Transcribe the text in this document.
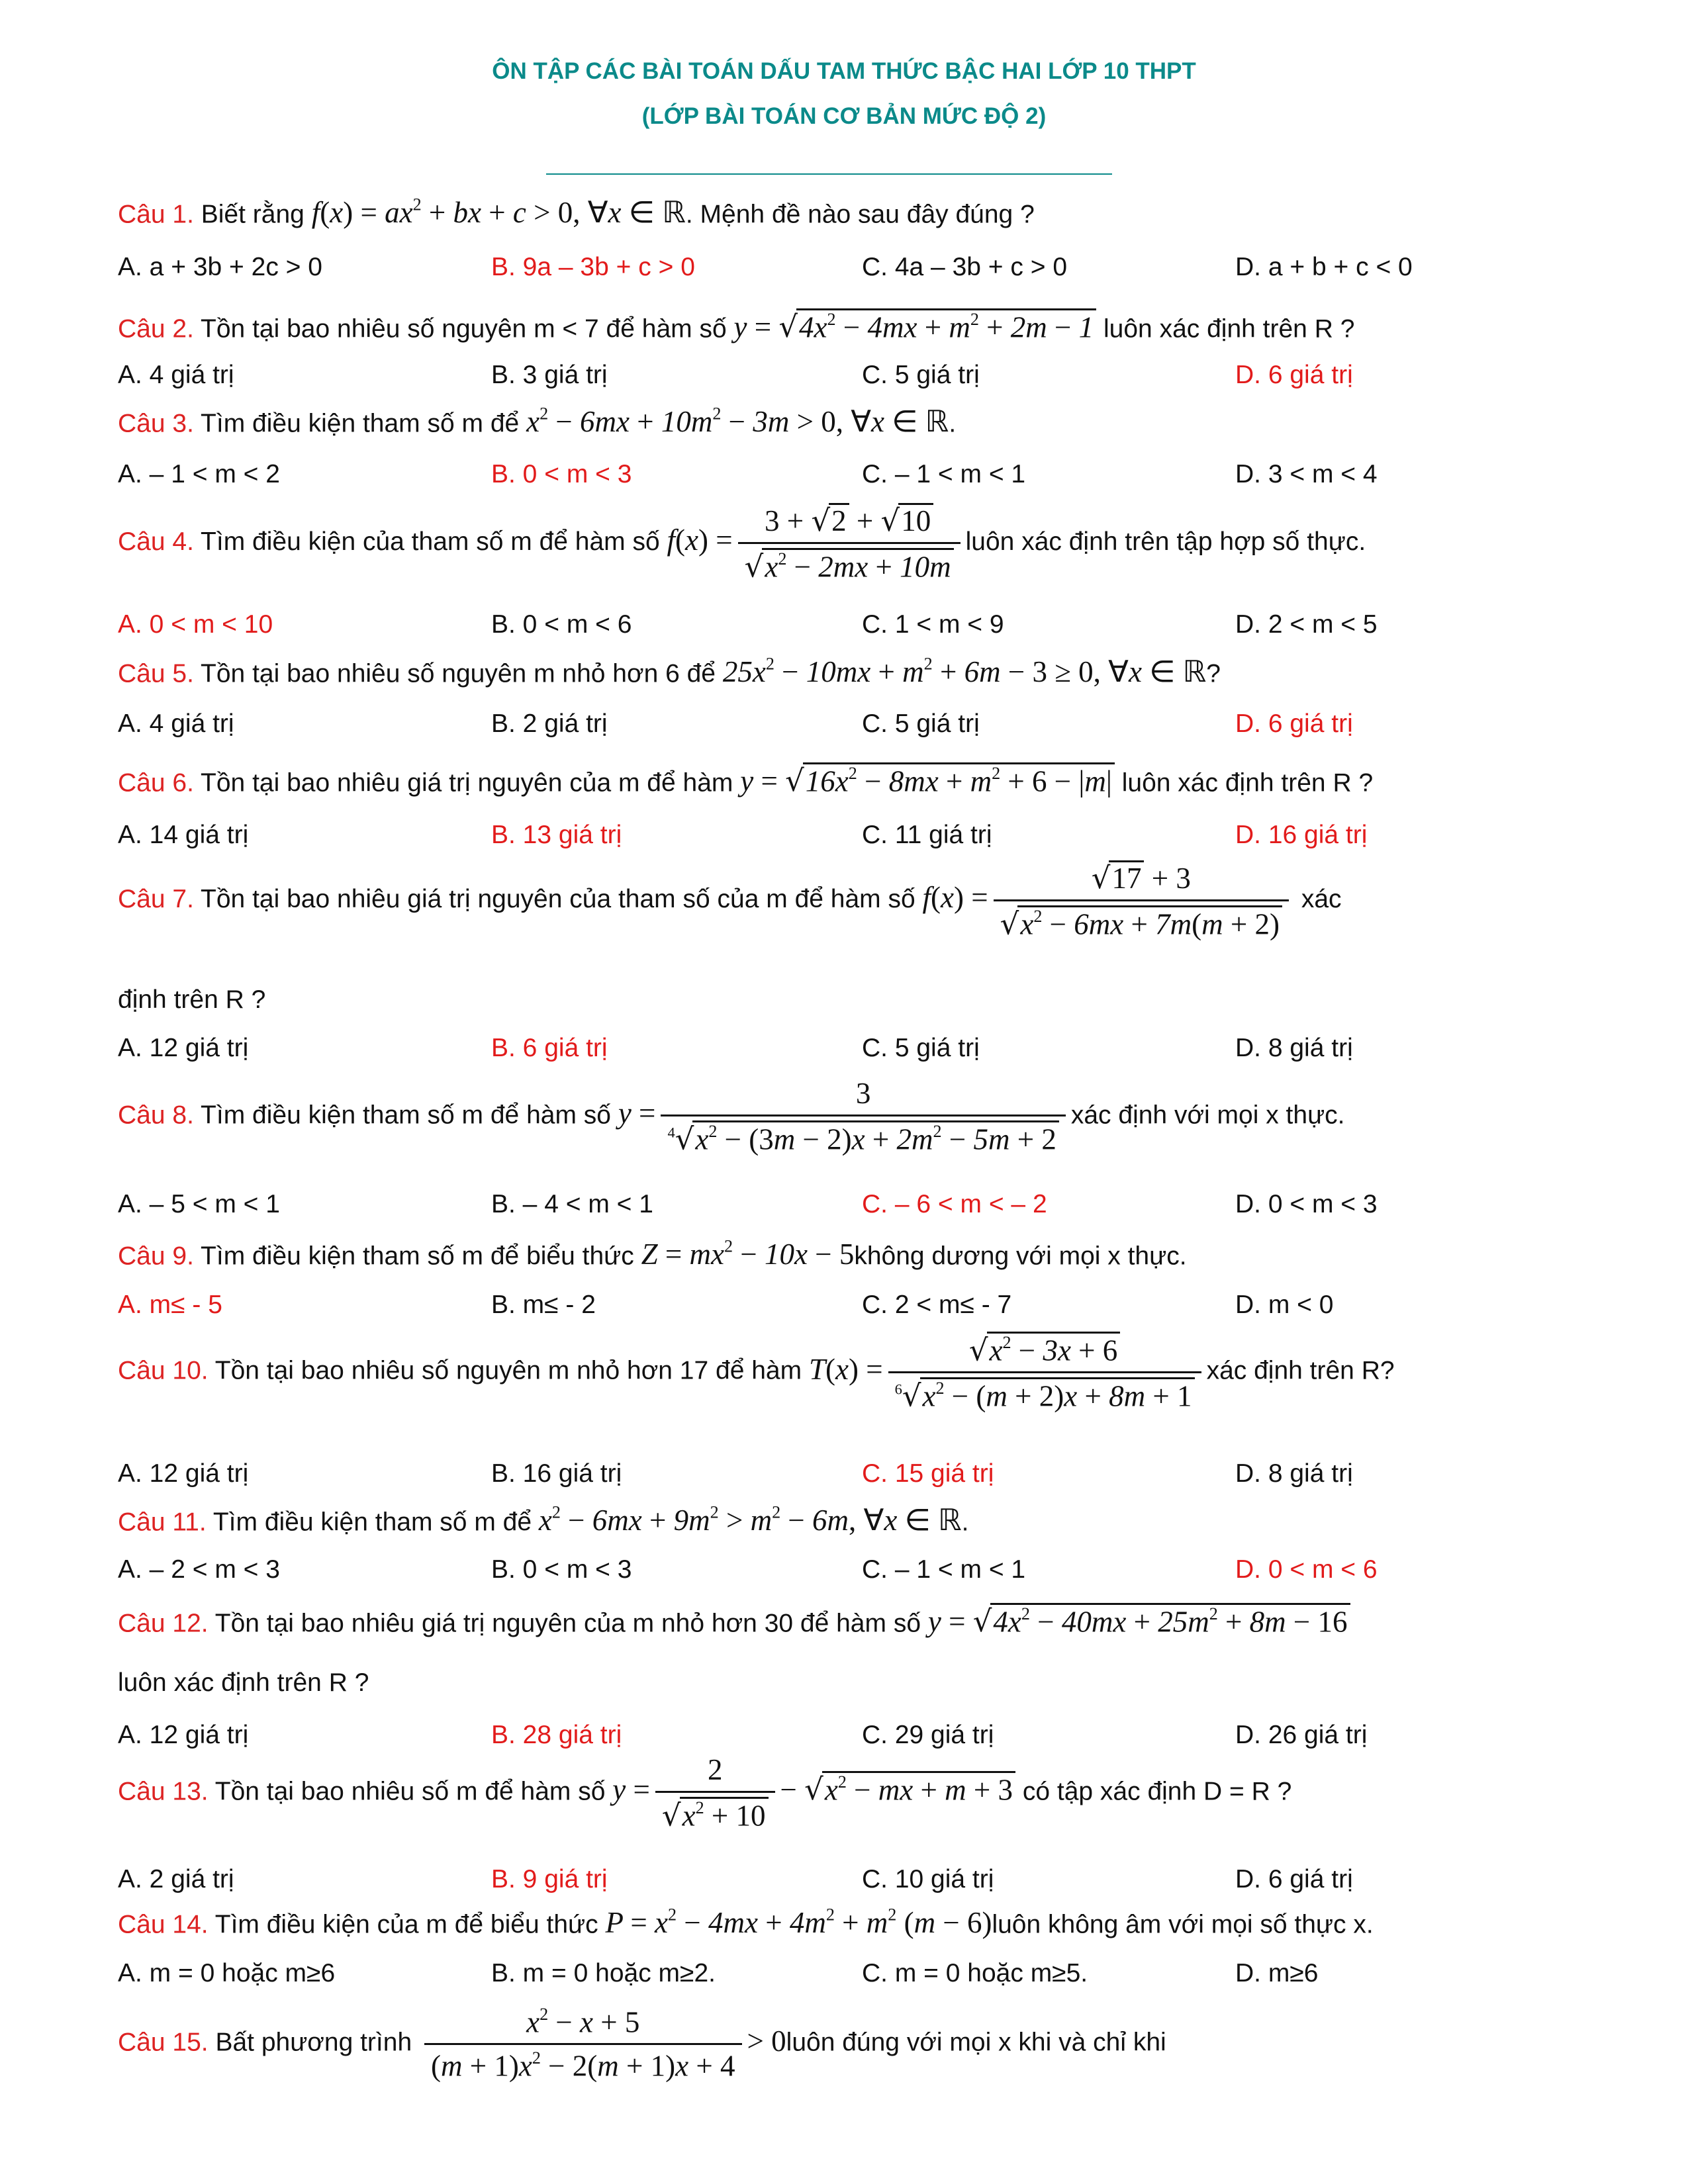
ÔN TẬP CÁC BÀI TOÁN DẤU TAM THỨC BẬC HAI LỚP 10 THPT
(LỚP BÀI TOÁN CƠ BẢN MỨC ĐỘ 2)
Câu 1. Biết rằng $f(x) = ax^2$ + bx + c > 0, ∀x ∈ ℝ. Mệnh đề nào sau đây đúng ?
A. a + 3b + 2c > 0	B. 9a – 3b + c > 0	C. 4a – 3b + c > 0	D. a + b + c < 0
Câu 2. Tồn tại bao nhiêu số nguyên m < 7 để hàm số $y = √4x^2 - 4mx + m^2 + 2m - 1$ luôn xác định trên R ?
A. 4 giá trị	B. 3 giá trị	C. 5 giá trị	D. 6 giá trị
Câu 3. Tìm điều kiện tham số m để $x^2 - 6mx + 10m^2 - 3m > 0$, ∀x ∈ ℝ.
A. – 1 < m < 2	B. 0 < m < 3	C. – 1 < m < 1	D. 3 < m < 4
Câu 4. Tìm điều kiện của tham số m để hàm số $f(x) = \frac{3 + √2 + √10}{√x^2 - 2mx + 10m}$ luôn xác định trên tập hợp số thực.
A. 0 < m < 10	B. 0 < m < 6	C. 1 < m < 9	D. 2 < m < 5
Câu 5. Tồn tại bao nhiêu số nguyên m nhỏ hơn 6 để $25x^2 - 10mx + m^2 + 6m - 3 \ge 0$, ∀x ∈ ℝ?
A. 4 giá trị	B. 2 giá trị	C. 5 giá trị	D. 6 giá trị
Câu 6. Tồn tại bao nhiêu giá trị nguyên của m để hàm $y = √16x^2 - 8mx + m^2 + 6 - |m|$ luôn xác định trên R ?
A. 14 giá trị	B. 13 giá trị	C. 11 giá trị	D. 16 giá trị
Câu 7. Tồn tại bao nhiêu giá trị nguyên của tham số của m để hàm số $f(x) = \frac{√17 + 3}{√x^2 - 6mx + 7m(m + 2)}$ xác
định trên R ?
A. 12 giá trị	B. 6 giá trị	C. 5 giá trị	D. 8 giá trị
Câu 8. Tìm điều kiện tham số m để hàm số $y = \frac{3}{^4√x^2 - (3m - 2)x + 2m^2 - 5m + 2}$ xác định với mọi x thực.
A. – 5 < m < 1	B. – 4 < m < 1	C. – 6 < m < – 2	D. 0 < m < 3
Câu 9. Tìm điều kiện tham số m để biểu thức $Z = mx^2 - 10x$ − 5không dương với mọi x thực.
A. m≤ - 5	B. m≤ - 2	C. 2 < m≤ - 7	D. m < 0
Câu 10. Tồn tại bao nhiêu số nguyên m nhỏ hơn 17 để hàm $T(x) = \frac{√x^2 - 3x + 6}{^6√x^2 - (m + 2)x + 8m + 1}$ xác định trên R?
A. 12 giá trị	B. 16 giá trị	C. 15 giá trị	D. 8 giá trị
Câu 11. Tìm điều kiện tham số m để $x^2 - 6mx + 9m^2 > m^2 - 6m$, ∀x ∈ ℝ.
A. – 2 < m < 3	B. 0 < m < 3	C. – 1 < m < 1	D. 0 < m < 6
Câu 12. Tồn tại bao nhiêu giá trị nguyên của m nhỏ hơn 30 để hàm số $y = √4x^2 - 40mx + 25m^2 + 8m - 16$
luôn xác định trên R ?
A. 12 giá trị	B. 28 giá trị	C. 29 giá trị	D. 26 giá trị
Câu 13. Tồn tại bao nhiêu số m để hàm số $y = \frac{2}{√x^2 + 10} - √x^2$ − mx + m + 3 có tập xác định D = R ?
A. 2 giá trị	B. 9 giá trị	C. 10 giá trị	D. 6 giá trị
Câu 14. Tìm điều kiện của m để biểu thức $P = x^2 - 4mx + 4m^2 + m^2$ (m − 6)luôn không âm với mọi số thực x.
A. m = 0 hoặc m≥6	B. m = 0 hoặc m≥2.	C. m = 0 hoặc m≥5.	D. m≥6
Câu 15. Bất phương trình $\frac{x^2 - x + 5}{(m + 1)x^2 - 2(m + 1)x + 4}$ > 0luôn đúng với mọi x khi và chỉ khi
